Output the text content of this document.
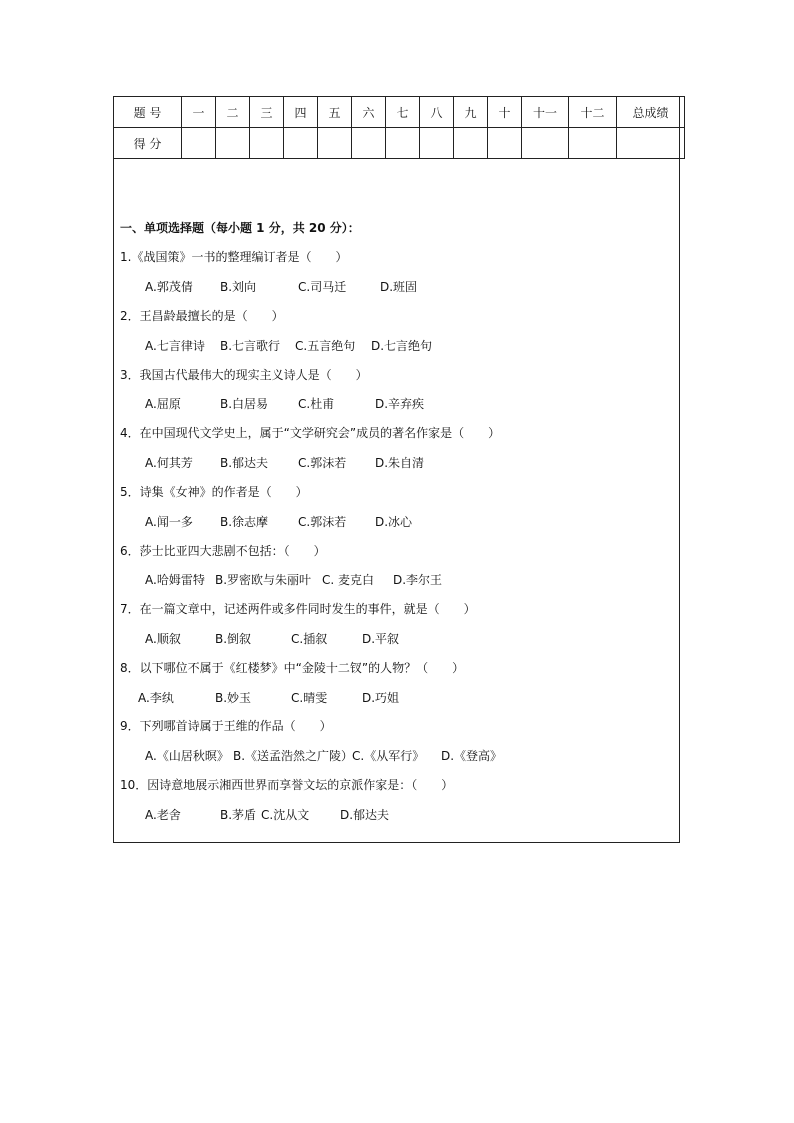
题 号	一	二	三	四	五	六	七	八	九	十	十一	十二	总成绩
得 分													
一、单项选择题（每小题 1 分，共 20 分）：
1.《战国策》一书的整理编订者是（　　）
A.郭茂倩 B.刘向	C.司马迁	D.班固
2．王昌龄最擅长的是（　　）
A.七言律诗 B.七言歌行 C.五言绝句 D.七言绝句
3．我国古代最伟大的现实主义诗人是（　　）
A.屈原	B.白居易 C.杜甫	D.辛弃疾
4．在中国现代文学史上，属于“文学研究会”成员的著名作家是（　　）
A.何其芳 B.郁达夫 C.郭沫若 D.朱自清
5．诗集《女神》的作者是（　　）
A.闻一多 B.徐志摩 C.郭沫若 D.冰心
6．莎士比亚四大悲剧不包括：（　　）
A.哈姆雷特 B.罗密欧与朱丽叶 C. 麦克白 D.李尔王
7．在一篇文章中，记述两件或多件同时发生的事件，就是（　　）
A.顺叙	B.倒叙	C.插叙	D.平叙
8．以下哪位不属于《红楼梦》中“金陵十二钗”的人物？（　　）
A.李纨	B.妙玉	C.晴雯	D.巧姐
9．下列哪首诗属于王维的作品（　　）
A.《山居秋暝》 B.《送孟浩然之广陵）
C.《从军行》 D.《登高》
10．因诗意地展示湘西世界而享誉文坛的京派作家是：（　　）
A.老舍	B.茅盾 C.沈从文	D.郁达夫
